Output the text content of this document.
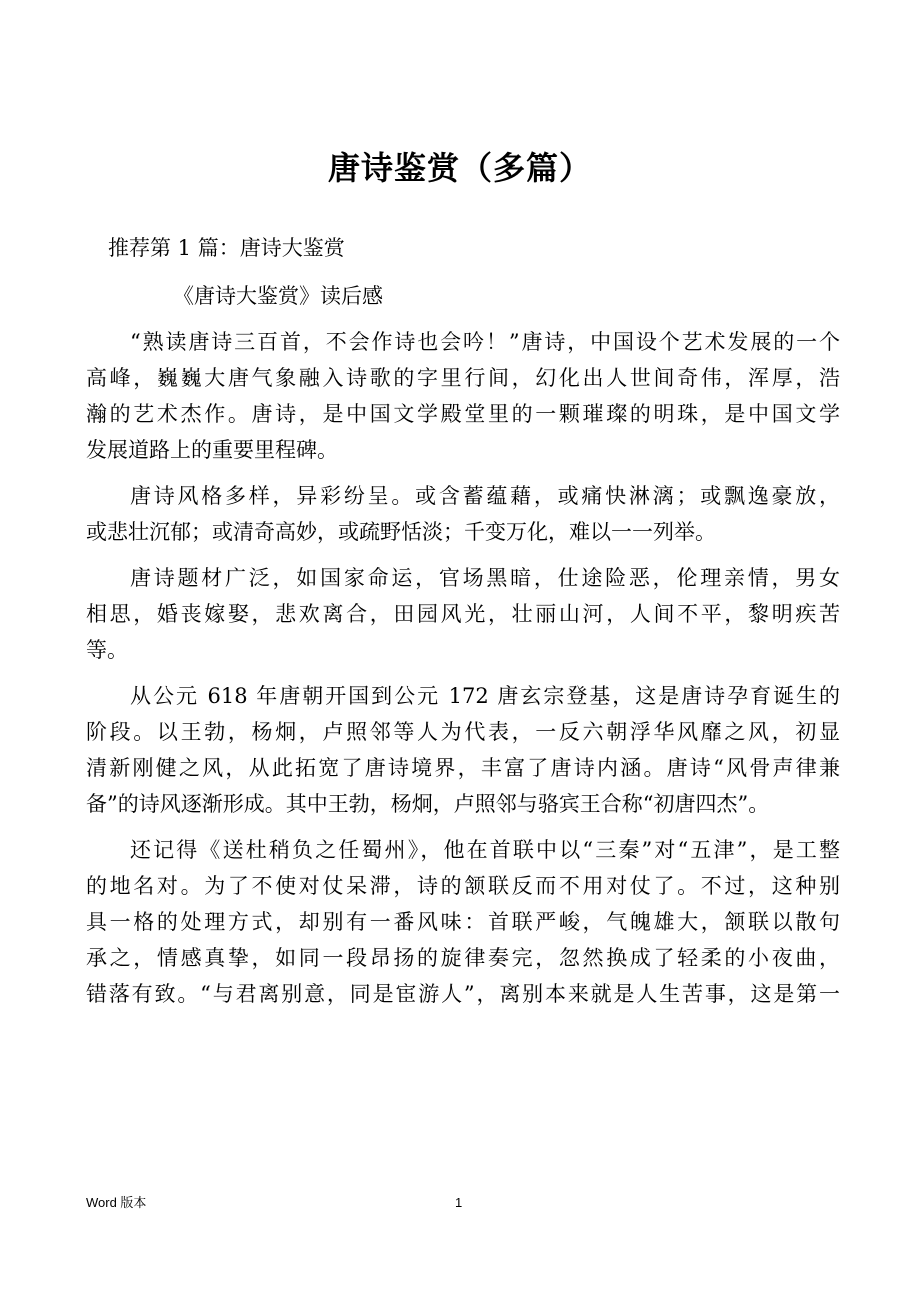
唐诗鉴赏（多篇）
推荐第 1 篇：唐诗大鉴赏
《唐诗大鉴赏》读后感
“熟读唐诗三百首，不会作诗也会吟！”唐诗，中国设个艺术发展的一个
高峰，巍巍大唐气象融入诗歌的字里行间，幻化出人世间奇伟，浑厚，浩
瀚的艺术杰作。唐诗，是中国文学殿堂里的一颗璀璨的明珠，是中国文学
发展道路上的重要里程碑。
唐诗风格多样，异彩纷呈。或含蓄蕴藉，或痛快淋漓；或飘逸豪放，
或悲壮沉郁；或清奇高妙，或疏野恬淡；千变万化，难以一一列举。
唐诗题材广泛，如国家命运，官场黑暗，仕途险恶，伦理亲情，男女
相思，婚丧嫁娶，悲欢离合，田园风光，壮丽山河，人间不平，黎明疾苦
等。
从公元 618 年唐朝开国到公元 172 唐玄宗登基，这是唐诗孕育诞生的
阶段。以王勃，杨炯，卢照邻等人为代表，一反六朝浮华风靡之风，初显
清新刚健之风，从此拓宽了唐诗境界，丰富了唐诗内涵。唐诗“风骨声律兼
备”的诗风逐渐形成。其中王勃，杨炯，卢照邻与骆宾王合称“初唐四杰”。
还记得《送杜稍负之任蜀州》，他在首联中以“三秦”对“五津”，是工整
的地名对。为了不使对仗呆滞，诗的颔联反而不用对仗了。不过，这种别
具一格的处理方式，却别有一番风味：首联严峻，气魄雄大，颔联以散句
承之，情感真挚，如同一段昂扬的旋律奏完，忽然换成了轻柔的小夜曲，
错落有致。“与君离别意，同是宦游人”，离别本来就是人生苦事，这是第一
Word 版本	1
